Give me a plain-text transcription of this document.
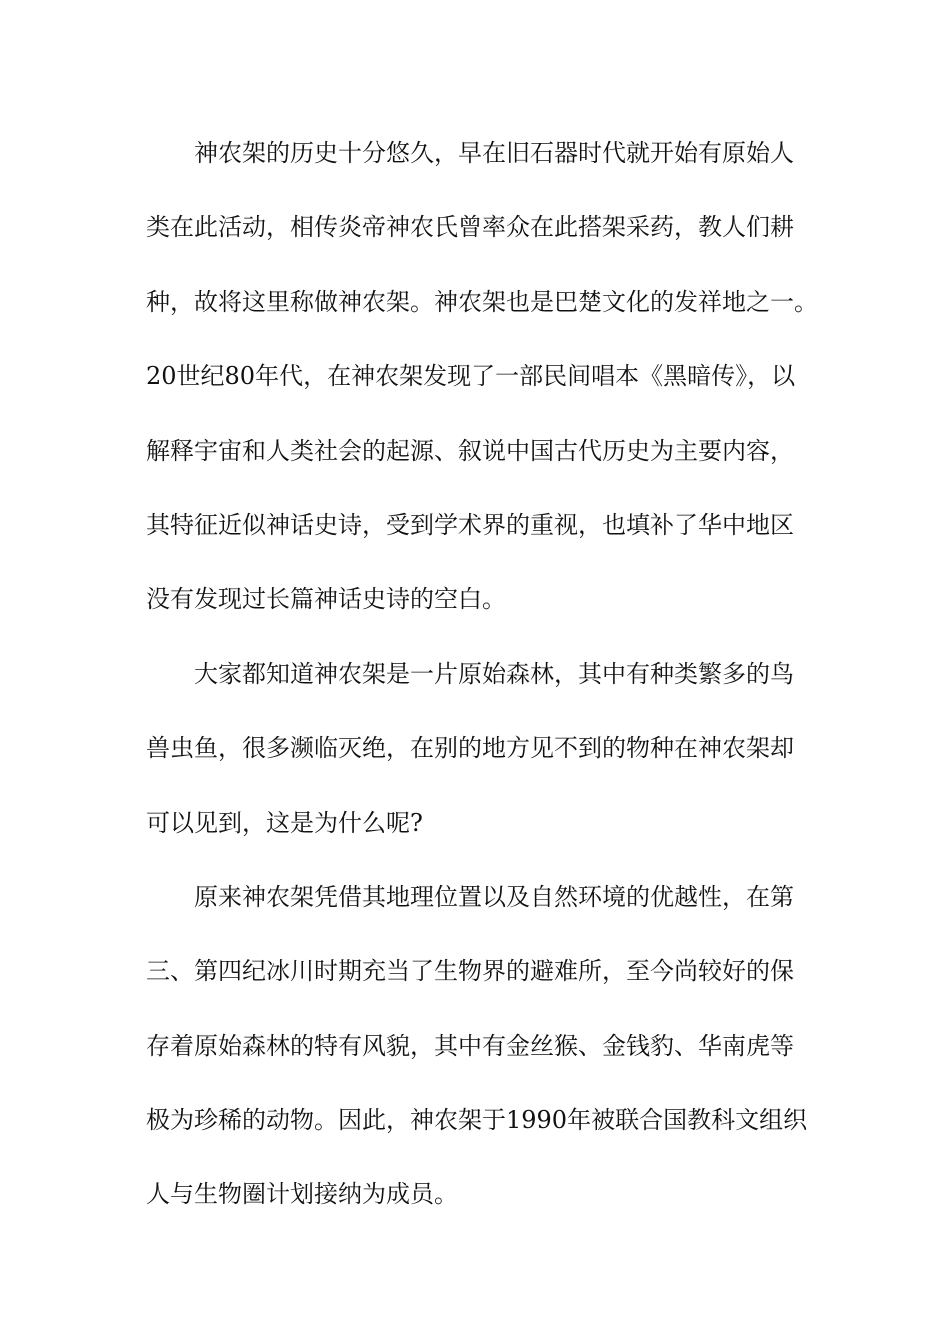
神农架的历史十分悠久，早在旧石器时代就开始有原始人
类在此活动，相传炎帝神农氏曾率众在此搭架采药，教人们耕
种，故将这里称做神农架。神农架也是巴楚文化的发祥地之一。
20世纪80年代，在神农架发现了一部民间唱本《黑暗传》，以
解释宇宙和人类社会的起源、叙说中国古代历史为主要内容，
其特征近似神话史诗，受到学术界的重视，也填补了华中地区
没有发现过长篇神话史诗的空白。
大家都知道神农架是一片原始森林，其中有种类繁多的鸟
兽虫鱼，很多濒临灭绝，在别的地方见不到的物种在神农架却
可以见到，这是为什么呢?
原来神农架凭借其地理位置以及自然环境的优越性，在第
三、第四纪冰川时期充当了生物界的避难所，至今尚较好的保
存着原始森林的特有风貌，其中有金丝猴、金钱豹、华南虎等
极为珍稀的动物。因此，神农架于1990年被联合国教科文组织
人与生物圈计划接纳为成员。
